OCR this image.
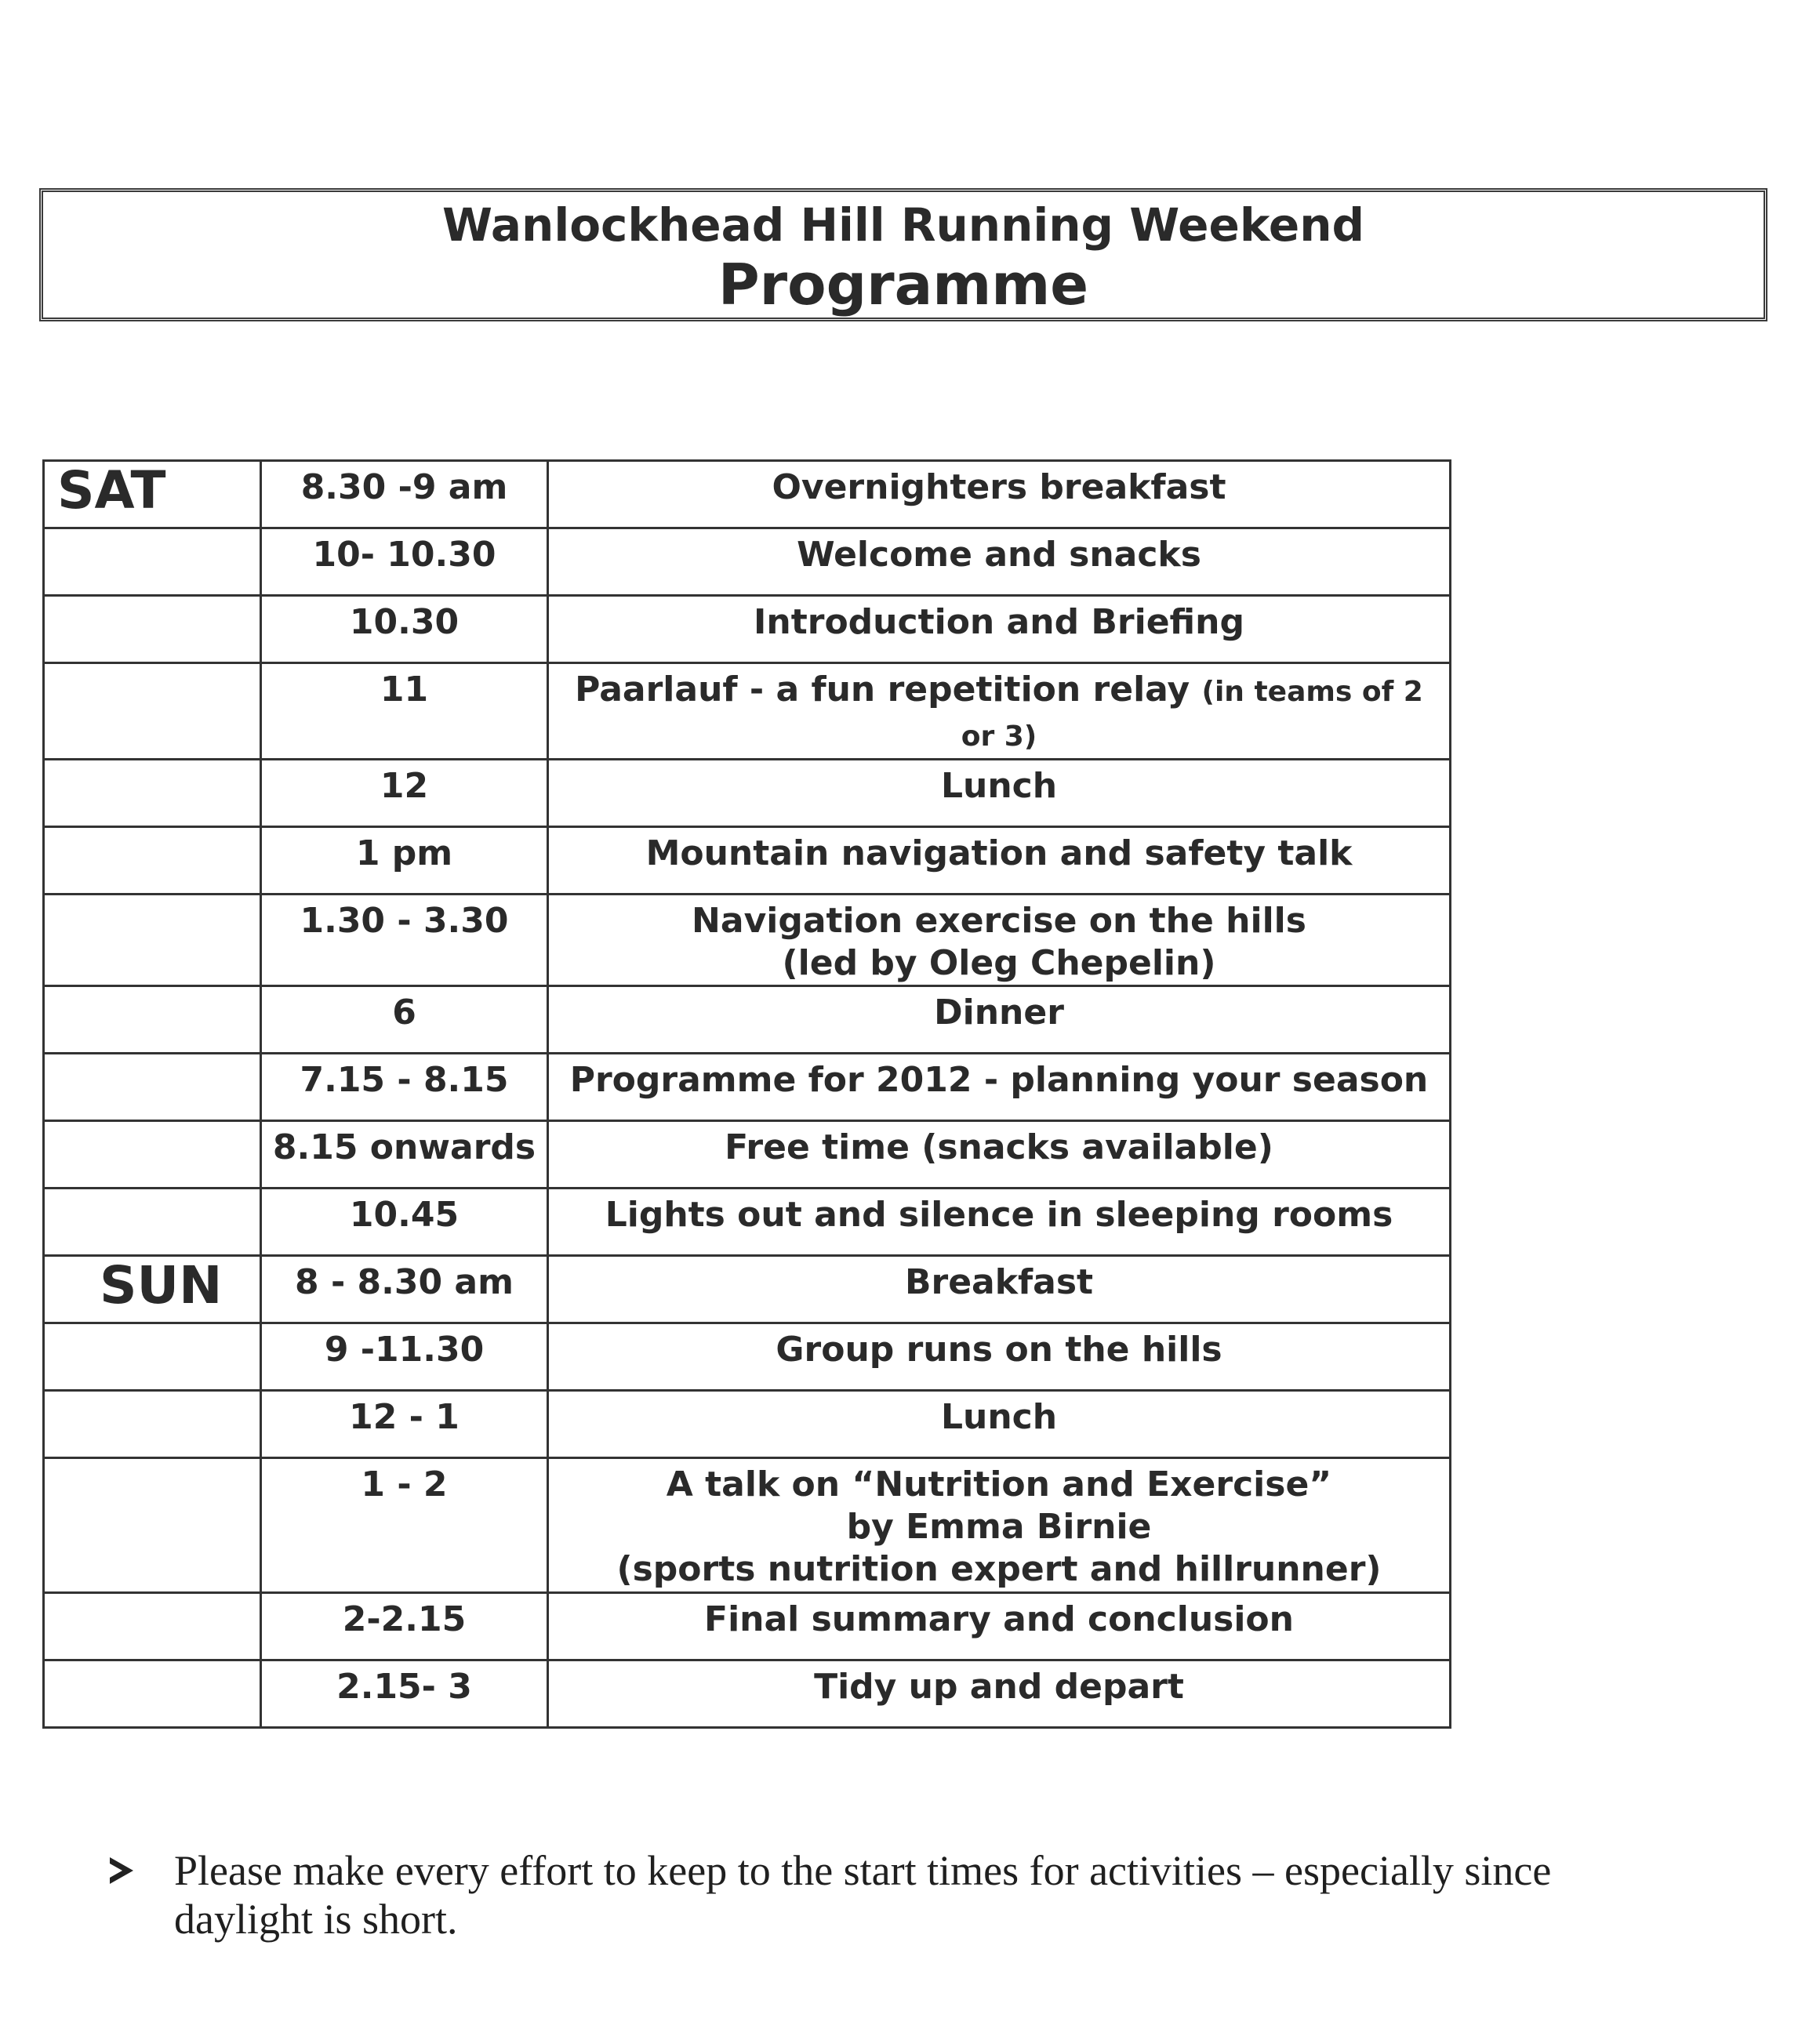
Wanlockhead Hill Running Weekend
Programme
SAT	8.30 -9 am	Overnighters breakfast

	10- 10.30	Welcome and snacks

	10.30	Introduction and Briefing

	11	Paarlauf - a fun repetition relay (in teams of 2 or 3)

	12	Lunch

	1 pm	Mountain navigation and safety talk

	1.30 - 3.30	Navigation exercise on the hills
(led by Oleg Chepelin)

	6	Dinner

	7.15 - 8.15	Programme for 2012 - planning your season

	8.15 onwards	Free time (snacks available)

	10.45	Lights out and silence in sleeping rooms

SUN	8 - 8.30 am	Breakfast

	9 -11.30	Group runs on the hills

	12 - 1	Lunch

	1 - 2	A talk on “Nutrition and Exercise”
by Emma Birnie
(sports nutrition expert and hillrunner)

	2-2.15	Final summary and conclusion

	2.15- 3	Tidy up and depart
Please make every effort to keep to the start times for activities – especially since daylight is short.
